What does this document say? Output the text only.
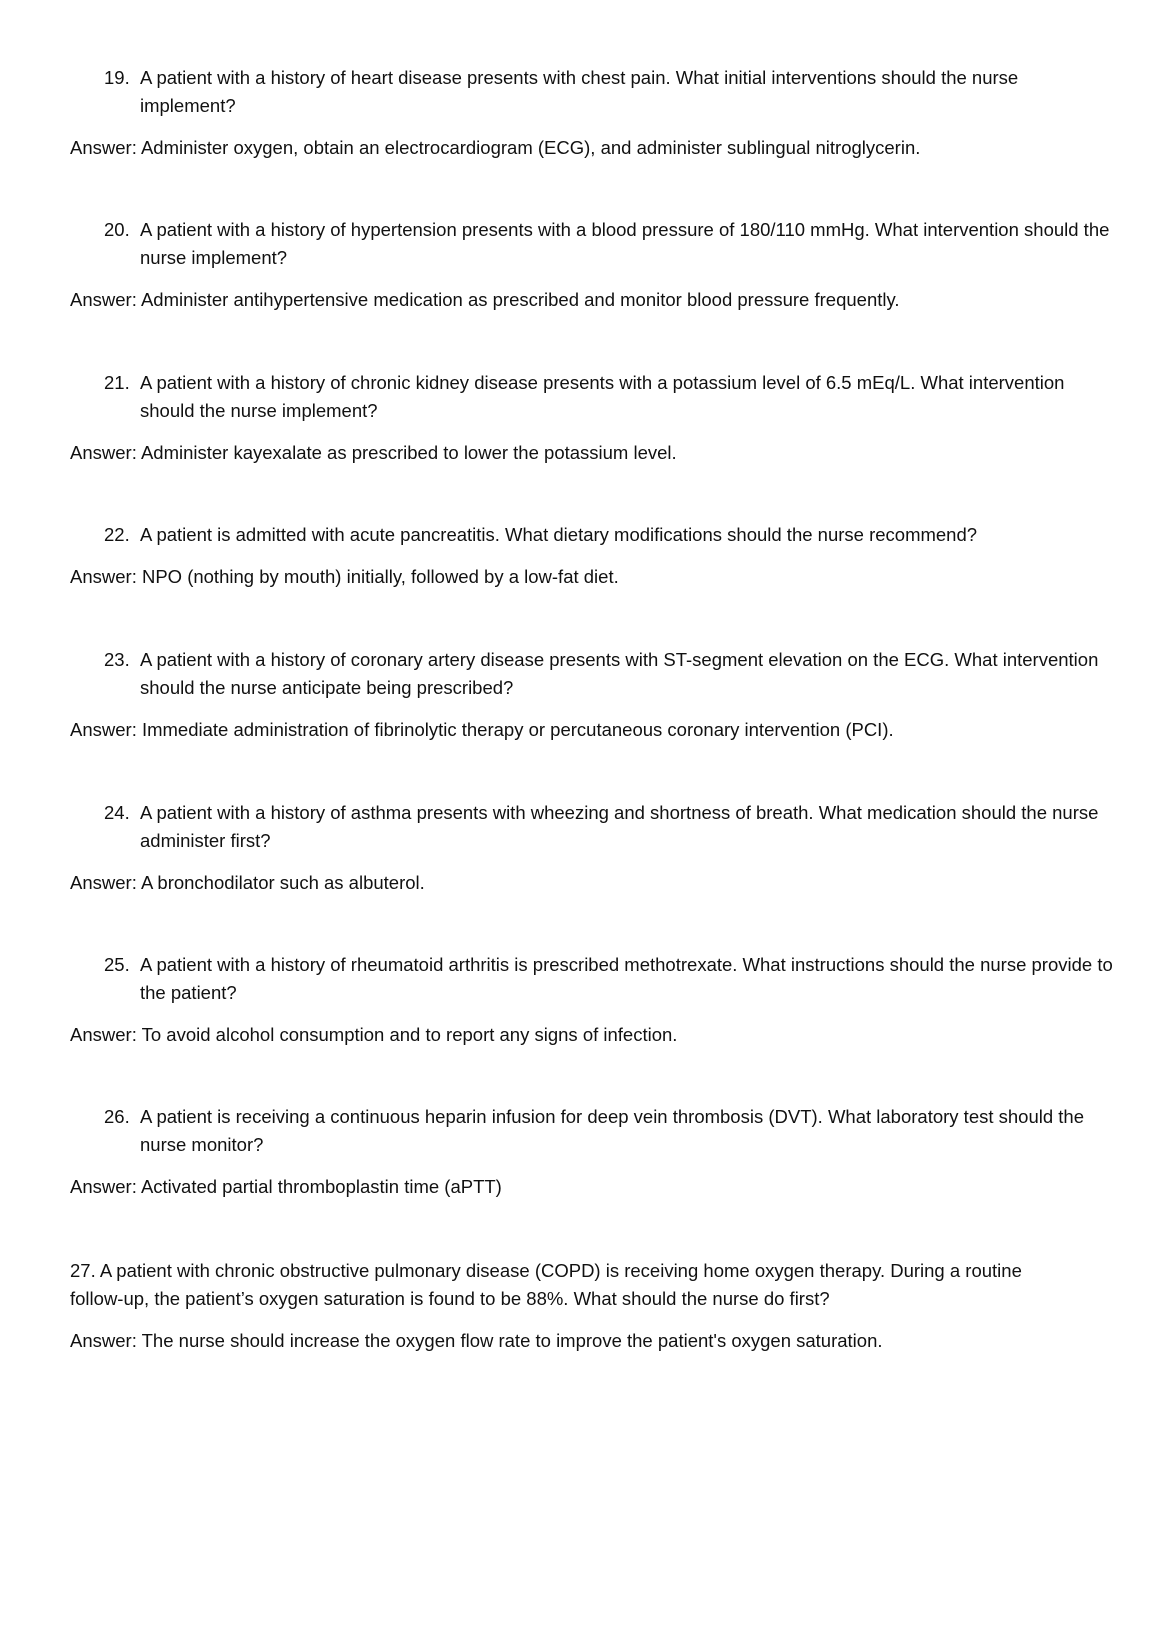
19. A patient with a history of heart disease presents with chest pain. What initial interventions should the nurse implement?
Answer: Administer oxygen, obtain an electrocardiogram (ECG), and administer sublingual nitroglycerin.
20. A patient with a history of hypertension presents with a blood pressure of 180/110 mmHg. What intervention should the nurse implement?
Answer: Administer antihypertensive medication as prescribed and monitor blood pressure frequently.
21. A patient with a history of chronic kidney disease presents with a potassium level of 6.5 mEq/L. What intervention should the nurse implement?
Answer: Administer kayexalate as prescribed to lower the potassium level.
22. A patient is admitted with acute pancreatitis. What dietary modifications should the nurse recommend?
Answer: NPO (nothing by mouth) initially, followed by a low-fat diet.
23. A patient with a history of coronary artery disease presents with ST-segment elevation on the ECG. What intervention should the nurse anticipate being prescribed?
Answer: Immediate administration of fibrinolytic therapy or percutaneous coronary intervention (PCI).
24. A patient with a history of asthma presents with wheezing and shortness of breath. What medication should the nurse administer first?
Answer: A bronchodilator such as albuterol.
25. A patient with a history of rheumatoid arthritis is prescribed methotrexate. What instructions should the nurse provide to the patient?
Answer: To avoid alcohol consumption and to report any signs of infection.
26. A patient is receiving a continuous heparin infusion for deep vein thrombosis (DVT). What laboratory test should the nurse monitor?
Answer: Activated partial thromboplastin time (aPTT)
27. A patient with chronic obstructive pulmonary disease (COPD) is receiving home oxygen therapy. During a routine follow-up, the patient’s oxygen saturation is found to be 88%. What should the nurse do first?
Answer: The nurse should increase the oxygen flow rate to improve the patient's oxygen saturation.
